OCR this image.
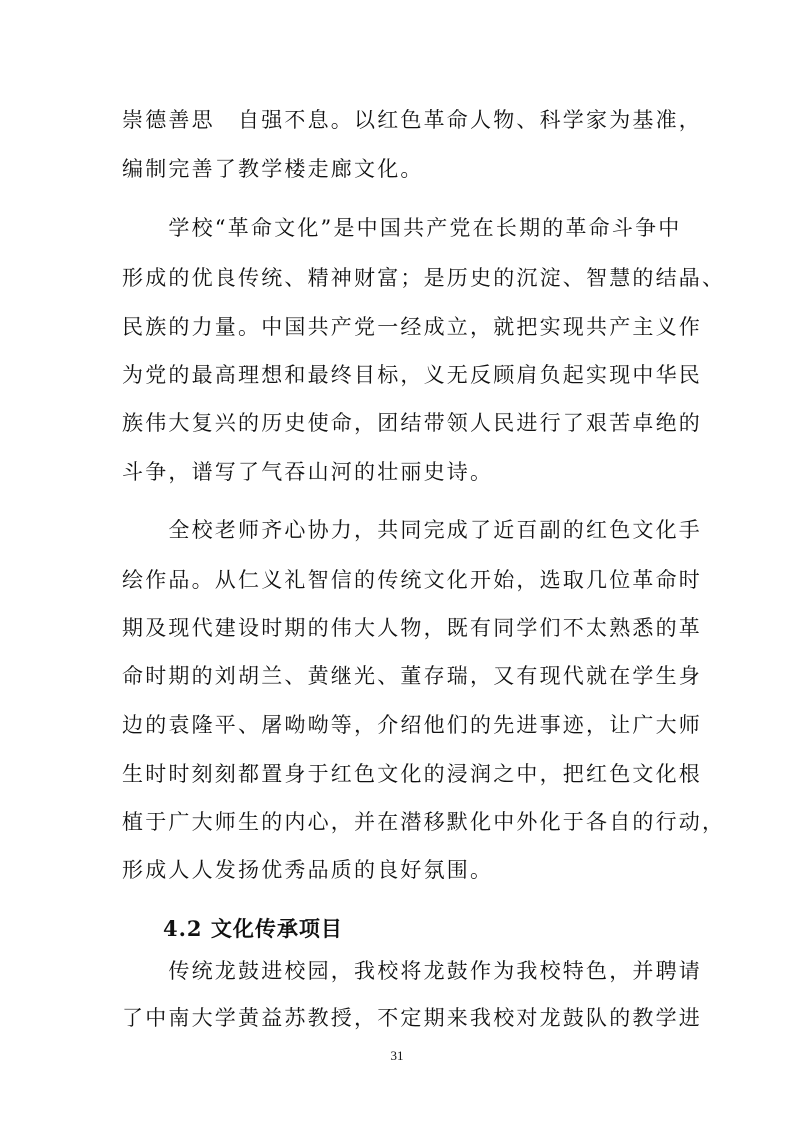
崇德善思　自强不息。以红色革命人物、科学家为基准，
编制完善了教学楼走廊文化。
　　学校“革命文化”是中国共产党在长期的革命斗争中
形成的优良传统、精神财富；是历史的沉淀、智慧的结晶、
民族的力量。中国共产党一经成立，就把实现共产主义作
为党的最高理想和最终目标，义无反顾肩负起实现中华民
族伟大复兴的历史使命，团结带领人民进行了艰苦卓绝的
斗争，谱写了气吞山河的壮丽史诗。
　　全校老师齐心协力，共同完成了近百副的红色文化手
绘作品。从仁义礼智信的传统文化开始，选取几位革命时
期及现代建设时期的伟大人物，既有同学们不太熟悉的革
命时期的刘胡兰、黄继光、董存瑞，又有现代就在学生身
边的袁隆平、屠呦呦等，介绍他们的先进事迹，让广大师
生时时刻刻都置身于红色文化的浸润之中，把红色文化根
植于广大师生的内心，并在潜移默化中外化于各自的行动，
形成人人发扬优秀品质的良好氛围。
4.2 文化传承项目
　　传统龙鼓进校园，我校将龙鼓作为我校特色，并聘请
了中南大学黄益苏教授，不定期来我校对龙鼓队的教学进
31
